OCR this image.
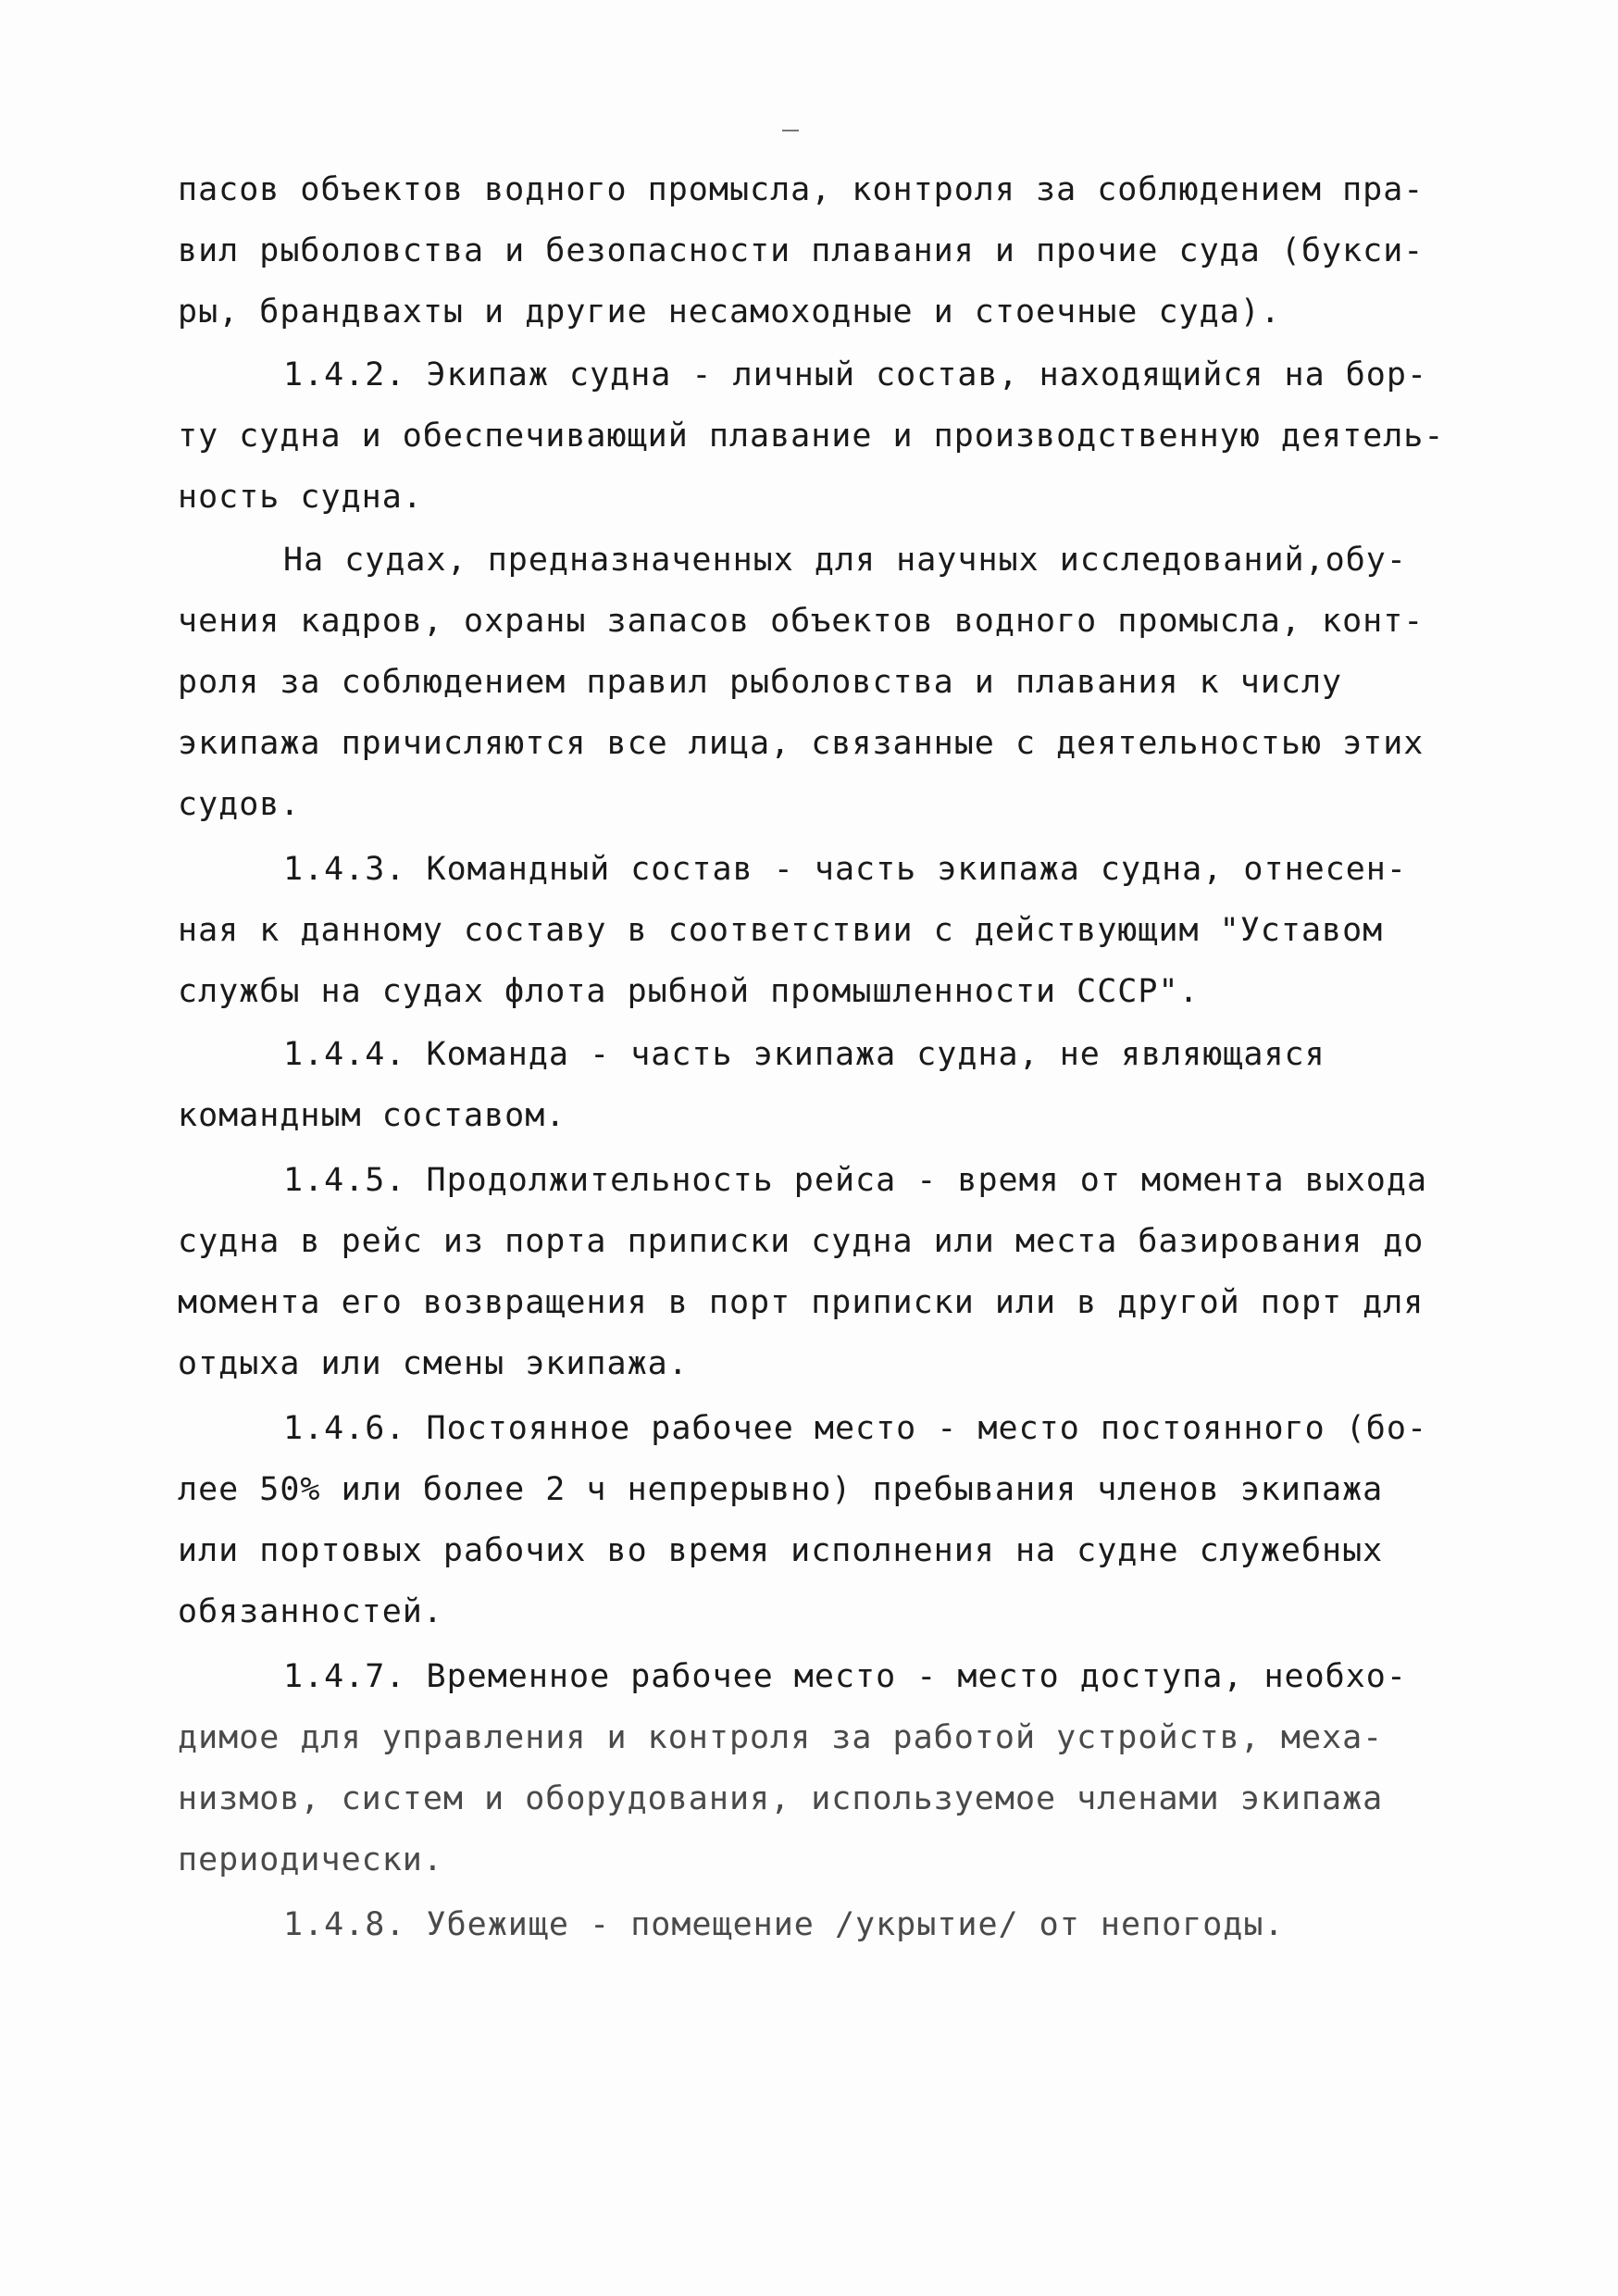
пасов объектов водного промысла, контроля за соблюдением пра-
вил рыболовства и безопасности плавания и прочие суда (букси-
ры, брандвахты и другие несамоходные и стоечные суда).
1.4.2. Экипаж судна - личный состав, находящийся на бор-
ту судна и обеспечивающий плавание и производственную деятель-
ность судна.
На судах, предназначенных для научных исследований,обу-
чения кадров, охраны запасов объектов водного промысла, конт-
роля за соблюдением правил рыболовства и плавания к числу
экипажа причисляются все лица, связанные с деятельностью этих
судов.
1.4.3. Командный состав - часть экипажа судна, отнесен-
ная к данному составу в соответствии с действующим "Уставом
службы на судах флота рыбной промышленности СССР".
1.4.4. Команда - часть экипажа судна, не являющаяся
командным составом.
1.4.5. Продолжительность рейса - время от момента выхода
судна в рейс из порта приписки судна или места базирования до
момента его возвращения в порт приписки или в другой порт для
отдыха или смены экипажа.
1.4.6. Постоянное рабочее место - место постоянного (бо-
лее 50% или более 2 ч непрерывно) пребывания членов экипажа
или портовых рабочих во время исполнения на судне служебных
обязанностей.
1.4.7. Временное рабочее место - место доступа, необхо-
димое для управления и контроля за работой устройств, меха-
низмов, систем и оборудования, используемое членами экипажа
периодически.
1.4.8. Убежище - помещение /укрытие/ от непогоды.
